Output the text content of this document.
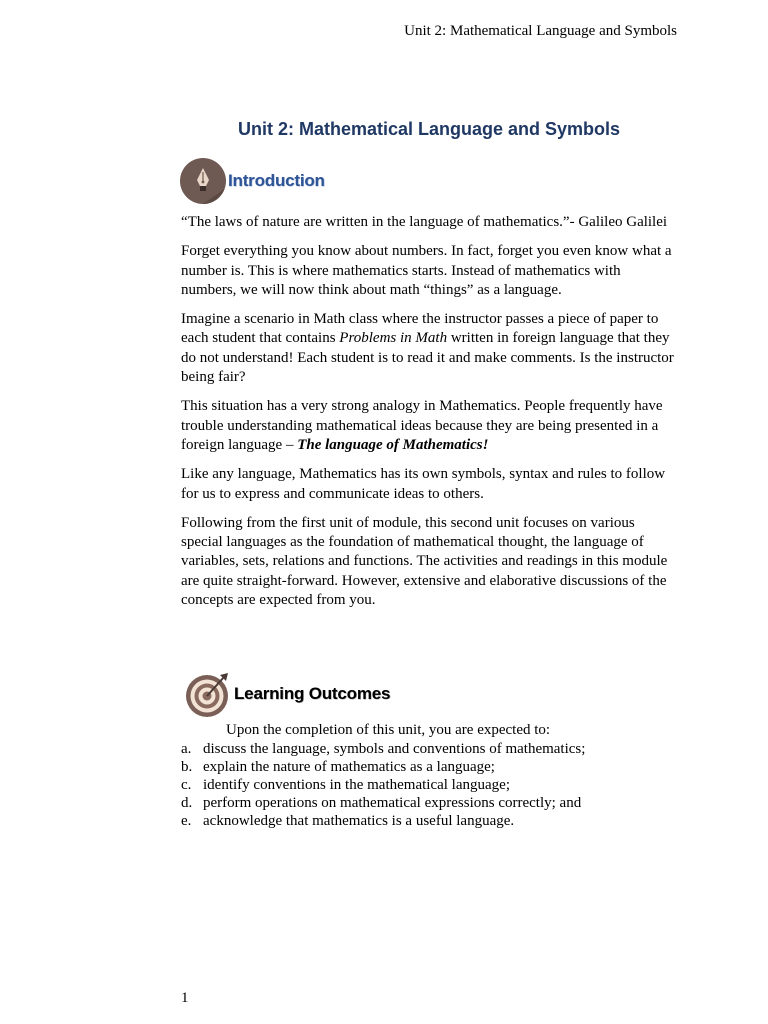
Unit 2: Mathematical Language and Symbols
Unit 2: Mathematical Language and Symbols
Introduction

“The laws of nature are written in the language of mathematics.”- Galileo Galilei

Forget everything you know about numbers. In fact, forget you even know what a number is. This is where mathematics starts. Instead of mathematics with numbers, we will now think about math “things” as a language.

Imagine a scenario in Math class where the instructor passes a piece of paper to each student that contains Problems in Math written in foreign language that they do not understand! Each student is to read it and make comments. Is the instructor being fair?

This situation has a very strong analogy in Mathematics. People frequently have trouble understanding mathematical ideas because they are being presented in a foreign language – The language of Mathematics!

Like any language, Mathematics has its own symbols, syntax and rules to follow for us to express and communicate ideas to others.

Following from the first unit of module, this second unit focuses on various special languages as the foundation of mathematical thought, the language of variables, sets, relations and functions. The activities and readings in this module are quite straight-forward. However, extensive and elaborative discussions of the concepts are expected from you.

Learning Outcomes
Upon the completion of this unit, you are expected to:
a. discuss the language, symbols and conventions of mathematics;
b. explain the nature of mathematics as a language;
c. identify conventions in the mathematical language;
d. perform operations on mathematical expressions correctly; and
e. acknowledge that mathematics is a useful language.
1
